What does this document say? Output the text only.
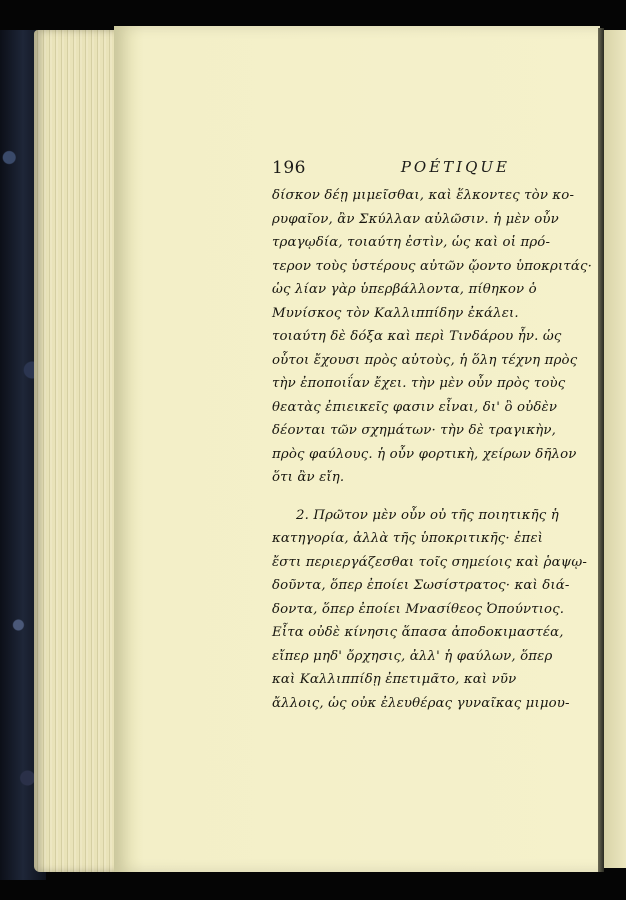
196	POÉTIQUE
δίσκον δέῃ μιμεῖσθαι, καὶ ἕλκοντες τὸν κο-
ρυφαῖον, ἂν Σκύλλαν αὐλῶσιν. ἡ μὲν οὖν
τραγῳδία, τοιαύτη ἐστὶν, ὡς καὶ οἱ πρό-
τερον τοὺς ὑστέρους αὐτῶν ᾤοντο ὑποκριτάς·
ὡς λίαν γὰρ ὑπερβάλλοντα, πίθηκον ὁ
Μυνίσκος τὸν Καλλιππίδην ἐκάλει.
τοιαύτη δὲ δόξα καὶ περὶ Τινδάρου ἦν. ὡς
οὗτοι ἔχουσι πρὸς αὐτοὺς, ἡ ὅλη τέχνη πρὸς
τὴν ἐποποιΐαν ἔχει. τὴν μὲν οὖν πρὸς τοὺς
θεατὰς ἐπιεικεῖς φασιν εἶναι, δι' ὃ οὐδὲν
δέονται τῶν σχημάτων· τὴν δὲ τραγικὴν,
πρὸς φαύλους. ἡ οὖν φορτικὴ, χείρων δῆλον
ὅτι ἂν εἴη.
2. Πρῶτον μὲν οὖν οὐ τῆς ποιητικῆς ἡ
κατηγορία, ἀλλὰ τῆς ὑποκριτικῆς· ἐπεὶ
ἔστι περιεργάζεσθαι τοῖς σημείοις καὶ ῥαψῳ-
δοῦντα, ὅπερ ἐποίει Σωσίστρατος· καὶ διά-
δοντα, ὅπερ ἐποίει Μνασίθεος Ὀπούντιος.
Εἶτα οὐδὲ κίνησις ἅπασα ἀποδοκιμαστέα,
εἴπερ μηδ' ὄρχησις, ἀλλ' ἡ φαύλων, ὅπερ
καὶ Καλλιππίδῃ ἐπετιμᾶτο, καὶ νῦν
ἄλλοις, ὡς οὐκ ἐλευθέρας γυναῖκας μιμου-
